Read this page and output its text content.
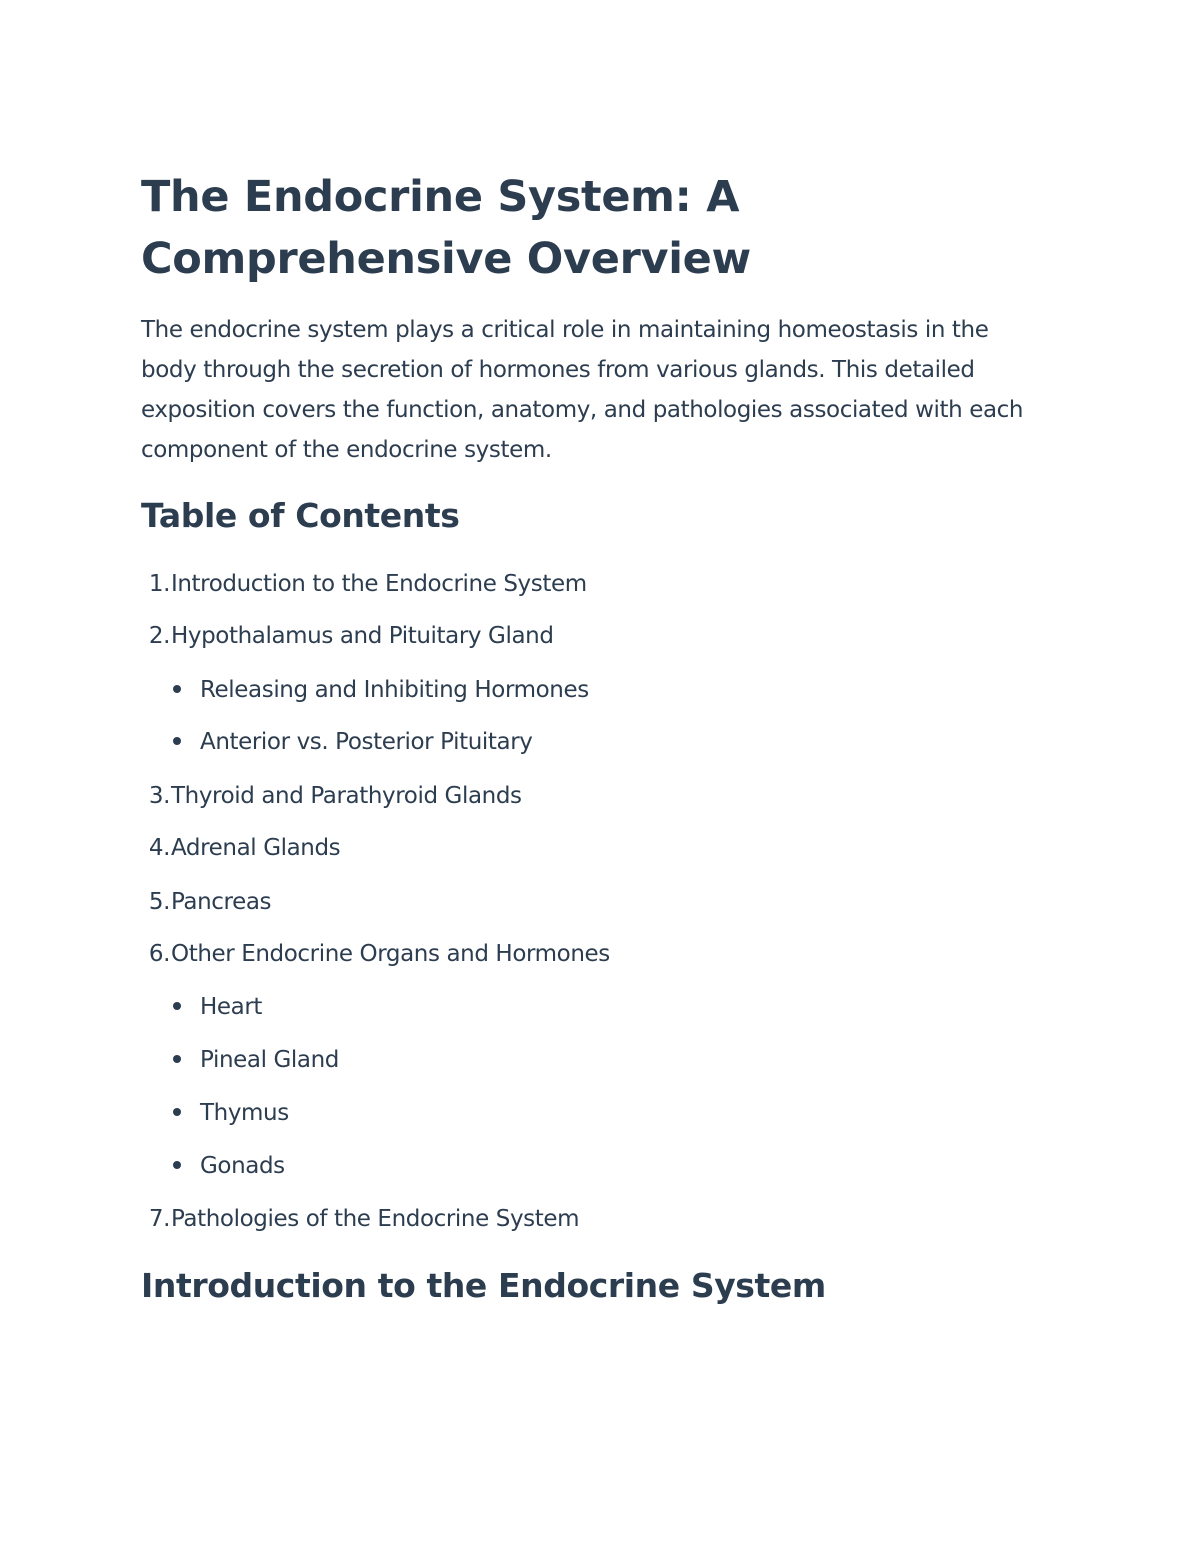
The Endocrine System: A Comprehensive Overview

The endocrine system plays a critical role in maintaining homeostasis in the body through the secretion of hormones from various glands. This detailed exposition covers the function, anatomy, and pathologies associated with each component of the endocrine system.

Table of Contents
1.Introduction to the Endocrine System
2.Hypothalamus and Pituitary Gland
Releasing and Inhibiting Hormones
Anterior vs. Posterior Pituitary
3.Thyroid and Parathyroid Glands
4.Adrenal Glands
5.Pancreas
6.Other Endocrine Organs and Hormones
Heart
Pineal Gland
Thymus
Gonads
7.Pathologies of the Endocrine System
Introduction to the Endocrine System
